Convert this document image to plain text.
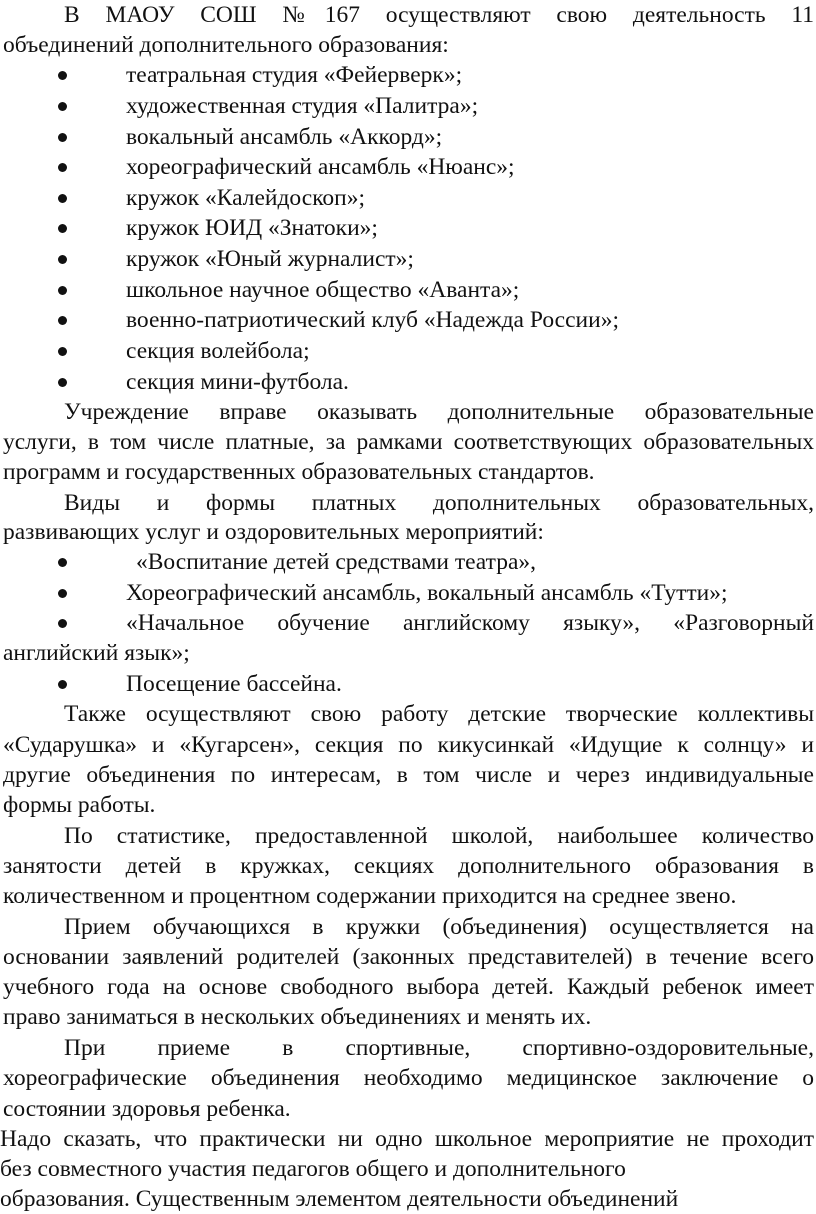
В МАОУ СОШ №167 осуществляют свою деятельность 11
объединений дополнительного образования:
театральная студия «Фейерверк»;
художественная студия «Палитра»;
вокальный ансамбль «Аккорд»;
хореографический ансамбль «Нюанс»;
кружок «Калейдоскоп»;
кружок ЮИД «Знатоки»;
кружок «Юный журналист»;
школьное научное общество «Аванта»;
военно-патриотический клуб «Надежда России»;
секция волейбола;
секция мини-футбола.
Учреждение вправе оказывать дополнительные образовательные
услуги, в том числе платные, за рамками соответствующих образовательных
программ и государственных образовательных стандартов.
Виды и формы платных дополнительных образовательных,
развивающих услуг и оздоровительных мероприятий:
«Воспитание детей средствами театра»,
Хореографический ансамбль, вокальный ансамбль «Тутти»;
«Начальное обучение английскому языку», «Разговорный
английский язык»;
Посещение бассейна.
Также осуществляют свою работу детские творческие коллективы
«Сударушка» и «Кугарсен», секция по кикусинкай «Идущие к солнцу» и
другие объединения по интересам, в том числе и через индивидуальные
формы работы.
По статистике, предоставленной школой, наибольшее количество
занятости детей в кружках, секциях дополнительного образования в
количественном и процентном содержании приходится на среднее звено.
Прием обучающихся в кружки (объединения) осуществляется на
основании заявлений родителей (законных представителей) в течение всего
учебного года на основе свободного выбора детей. Каждый ребенок имеет
право заниматься в нескольких объединениях и менять их.
При приеме в спортивные, спортивно-оздоровительные,
хореографические объединения необходимо медицинское заключение о
состоянии здоровья ребенка.
Надо сказать, что практически ни одно школьное мероприятие не проходит
без совместного участия педагогов общего и дополнительного
образования. Существенным элементом деятельности объединений
